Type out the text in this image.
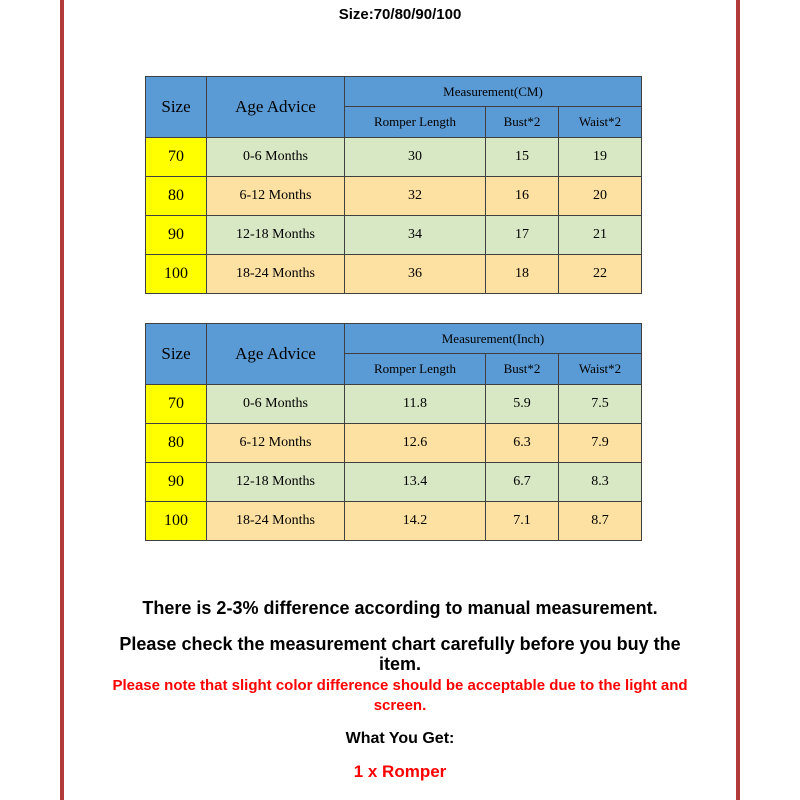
Size:70/80/90/100
Size	Age Advice	Measurement(CM)		
		Romper Length	Bust*2	Waist*2
70	0-6 Months	30	15	19
80	6-12 Months	32	16	20
90	12-18 Months	34	17	21
100	18-24 Months	36	18	22
Size	Age Advice	Measurement(Inch)		
		Romper Length	Bust*2	Waist*2
70	0-6 Months	11.8	5.9	7.5
80	6-12 Months	12.6	6.3	7.9
90	12-18 Months	13.4	6.7	8.3
100	18-24 Months	14.2	7.1	8.7
There is 2-3% difference according to manual measurement.
Please check the measurement chart carefully before you buy the item.
Please note that slight color difference should be acceptable due to the light and screen.
What You Get:
1 x Romper
